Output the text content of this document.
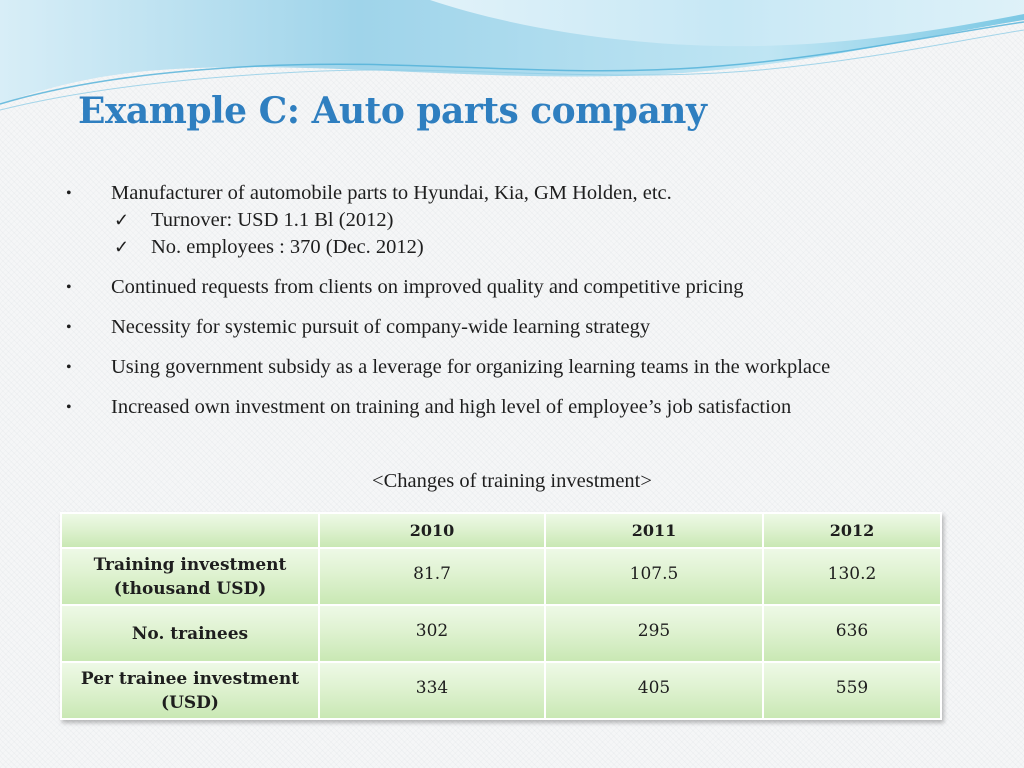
Example C: Auto parts company
•	Manufacturer of automobile parts to Hyundai, Kia, GM Holden, etc.
✓ Turnover: USD 1.1 Bl (2012)
✓ No. employees : 370 (Dec. 2012)
•	Continued requests from clients on improved quality and competitive pricing
•	Necessity for systemic pursuit of company-wide learning strategy
•	Using government subsidy as a leverage for organizing learning teams in the workplace
•	Increased own investment on training and high level of employee’s job satisfaction
<Changes of training investment>
	2010	2011	2012
Training investment (thousand USD)	81.7	107.5	130.2
No. trainees	302	295	636
Per trainee investment (USD)	334	405	559
